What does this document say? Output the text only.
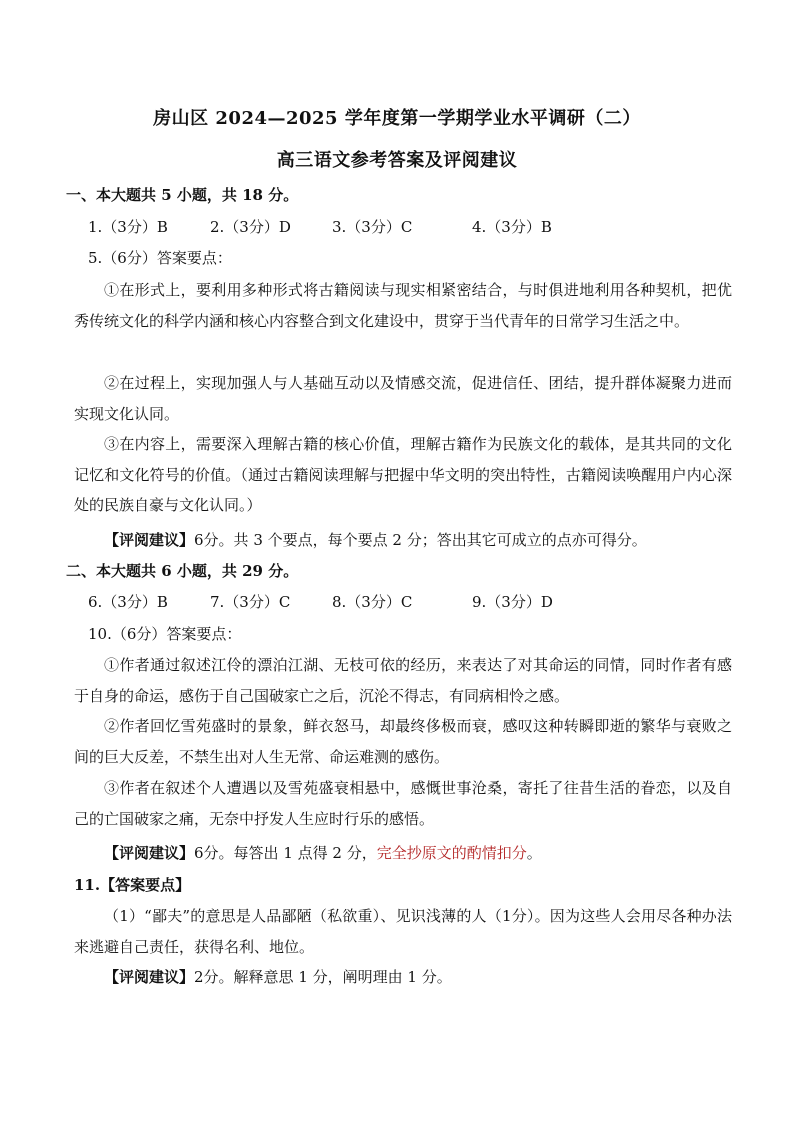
房山区 2024—2025 学年度第一学期学业水平调研（二）
高三语文参考答案及评阅建议
一、本大题共 5 小题，共 18 分。
1.（3分）B	2.（3分）D	3.（3分）C	4.（3分）B
5.（6分）答案要点：
①在形式上，要利用多种形式将古籍阅读与现实相紧密结合，与时俱进地利用各种契机，把优秀传统文化的科学内涵和核心内容整合到文化建设中，贯穿于当代青年的日常学习生活之中。
②在过程上，实现加强人与人基础互动以及情感交流，促进信任、团结，提升群体凝聚力进而实现文化认同。
③在内容上，需要深入理解古籍的核心价值，理解古籍作为民族文化的载体，是其共同的文化记忆和文化符号的价值。（通过古籍阅读理解与把握中华文明的突出特性，古籍阅读唤醒用户内心深处的民族自豪与文化认同。）
【评阅建议】6分。共 3 个要点，每个要点 2 分；答出其它可成立的点亦可得分。
二、本大题共 6 小题，共 29 分。
6.（3分）B	7.（3分）C	8.（3分）C	9.（3分）D
10.（6分）答案要点：
①作者通过叙述江伶的漂泊江湖、无枝可依的经历，来表达了对其命运的同情，同时作者有感于自身的命运，感伤于自己国破家亡之后，沉沦不得志，有同病相怜之感。
②作者回忆雪苑盛时的景象，鲜衣怒马，却最终侈极而衰，感叹这种转瞬即逝的繁华与衰败之间的巨大反差，不禁生出对人生无常、命运难测的感伤。
③作者在叙述个人遭遇以及雪苑盛衰相悬中，感慨世事沧桑，寄托了往昔生活的眷恋，以及自己的亡国破家之痛，无奈中抒发人生应时行乐的感悟。
【评阅建议】6分。每答出 1 点得 2 分，完全抄原文的酌情扣分。
11.【答案要点】
（1）“鄙夫”的意思是人品鄙陋（私欲重）、见识浅薄的人（1分）。因为这些人会用尽各种办法来逃避自己责任，获得名利、地位。
【评阅建议】2分。解释意思 1 分，阐明理由 1 分。
